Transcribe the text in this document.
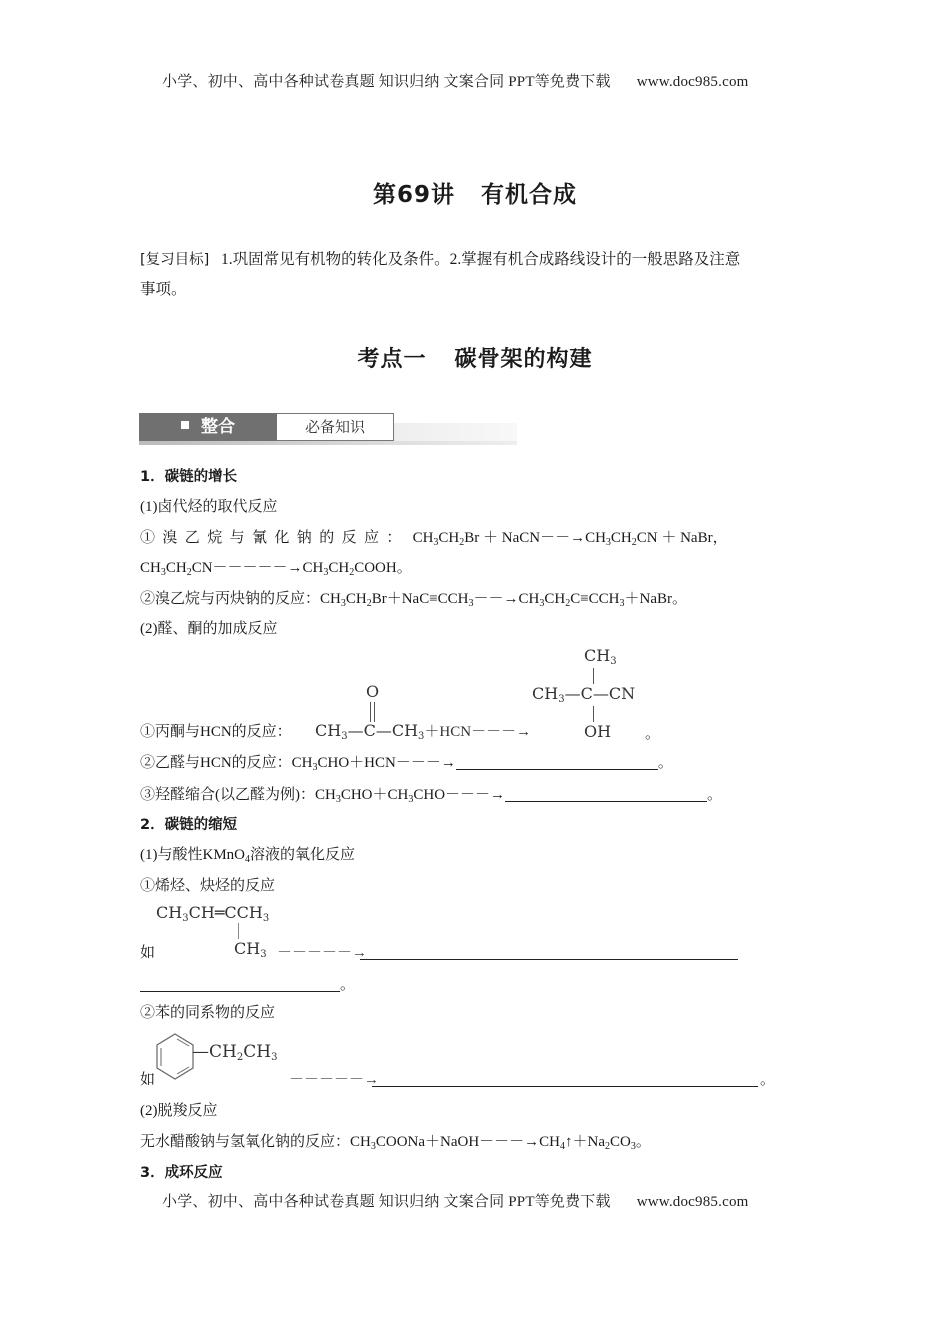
小学、初中、高中各种试卷真题 知识归纳 文案合同 PPT等免费下载 www.doc985.com
第69讲 有机合成
[复习目标] 1.巩固常见有机物的转化及条件。2.掌握有机合成路线设计的一般思路及注意
事项。
考点一 碳骨架的构建
整合	必备知识
1．碳链的增长
(1)卤代烃的取代反应
①溴乙烷与氰化钠的反应： $CH_3CH_2Br$ ＋ $NaCN--\to CH_3CH_2CN$ ＋ NaBr，
$CH_3CH_2CN-----\to CH_3CH_2COOH$。
②溴乙烷与丙炔钠的反应：$CH_3CH_2Br+NaC\equiv CCH_3--\to CH_3CH_2C\equiv CCH_3+NaBr$。
(2)醛、酮的加成反应
①丙酮与HCN的反应：
O
$CH_3—C—CH_3+HCN---\to$
$CH_3$
$CH_3—C—CN$
OH 。
②乙醛与HCN的反应：$CH_3CHO+HCN---\to$	。
③羟醛缩合(以乙醛为例)：$CH_3CHO+CH_3CHO---\to$	。
2．碳链的缩短
(1)与酸性KMnO$_4$溶液的氧化反应
①烯烃、炔烃的反应
$CH_3CH═CCH_3$
$CH_3$
如	－－－－－→
。
②苯的同系物的反应
$—CH_2CH_3$
如	－－－－－→	。
(2)脱羧反应
无水醋酸钠与氢氧化钠的反应：$CH_3COONa+NaOH---\to CH_4↑+Na_2CO_3$。
3．成环反应
小学、初中、高中各种试卷真题 知识归纳 文案合同 PPT等免费下载 www.doc985.com
